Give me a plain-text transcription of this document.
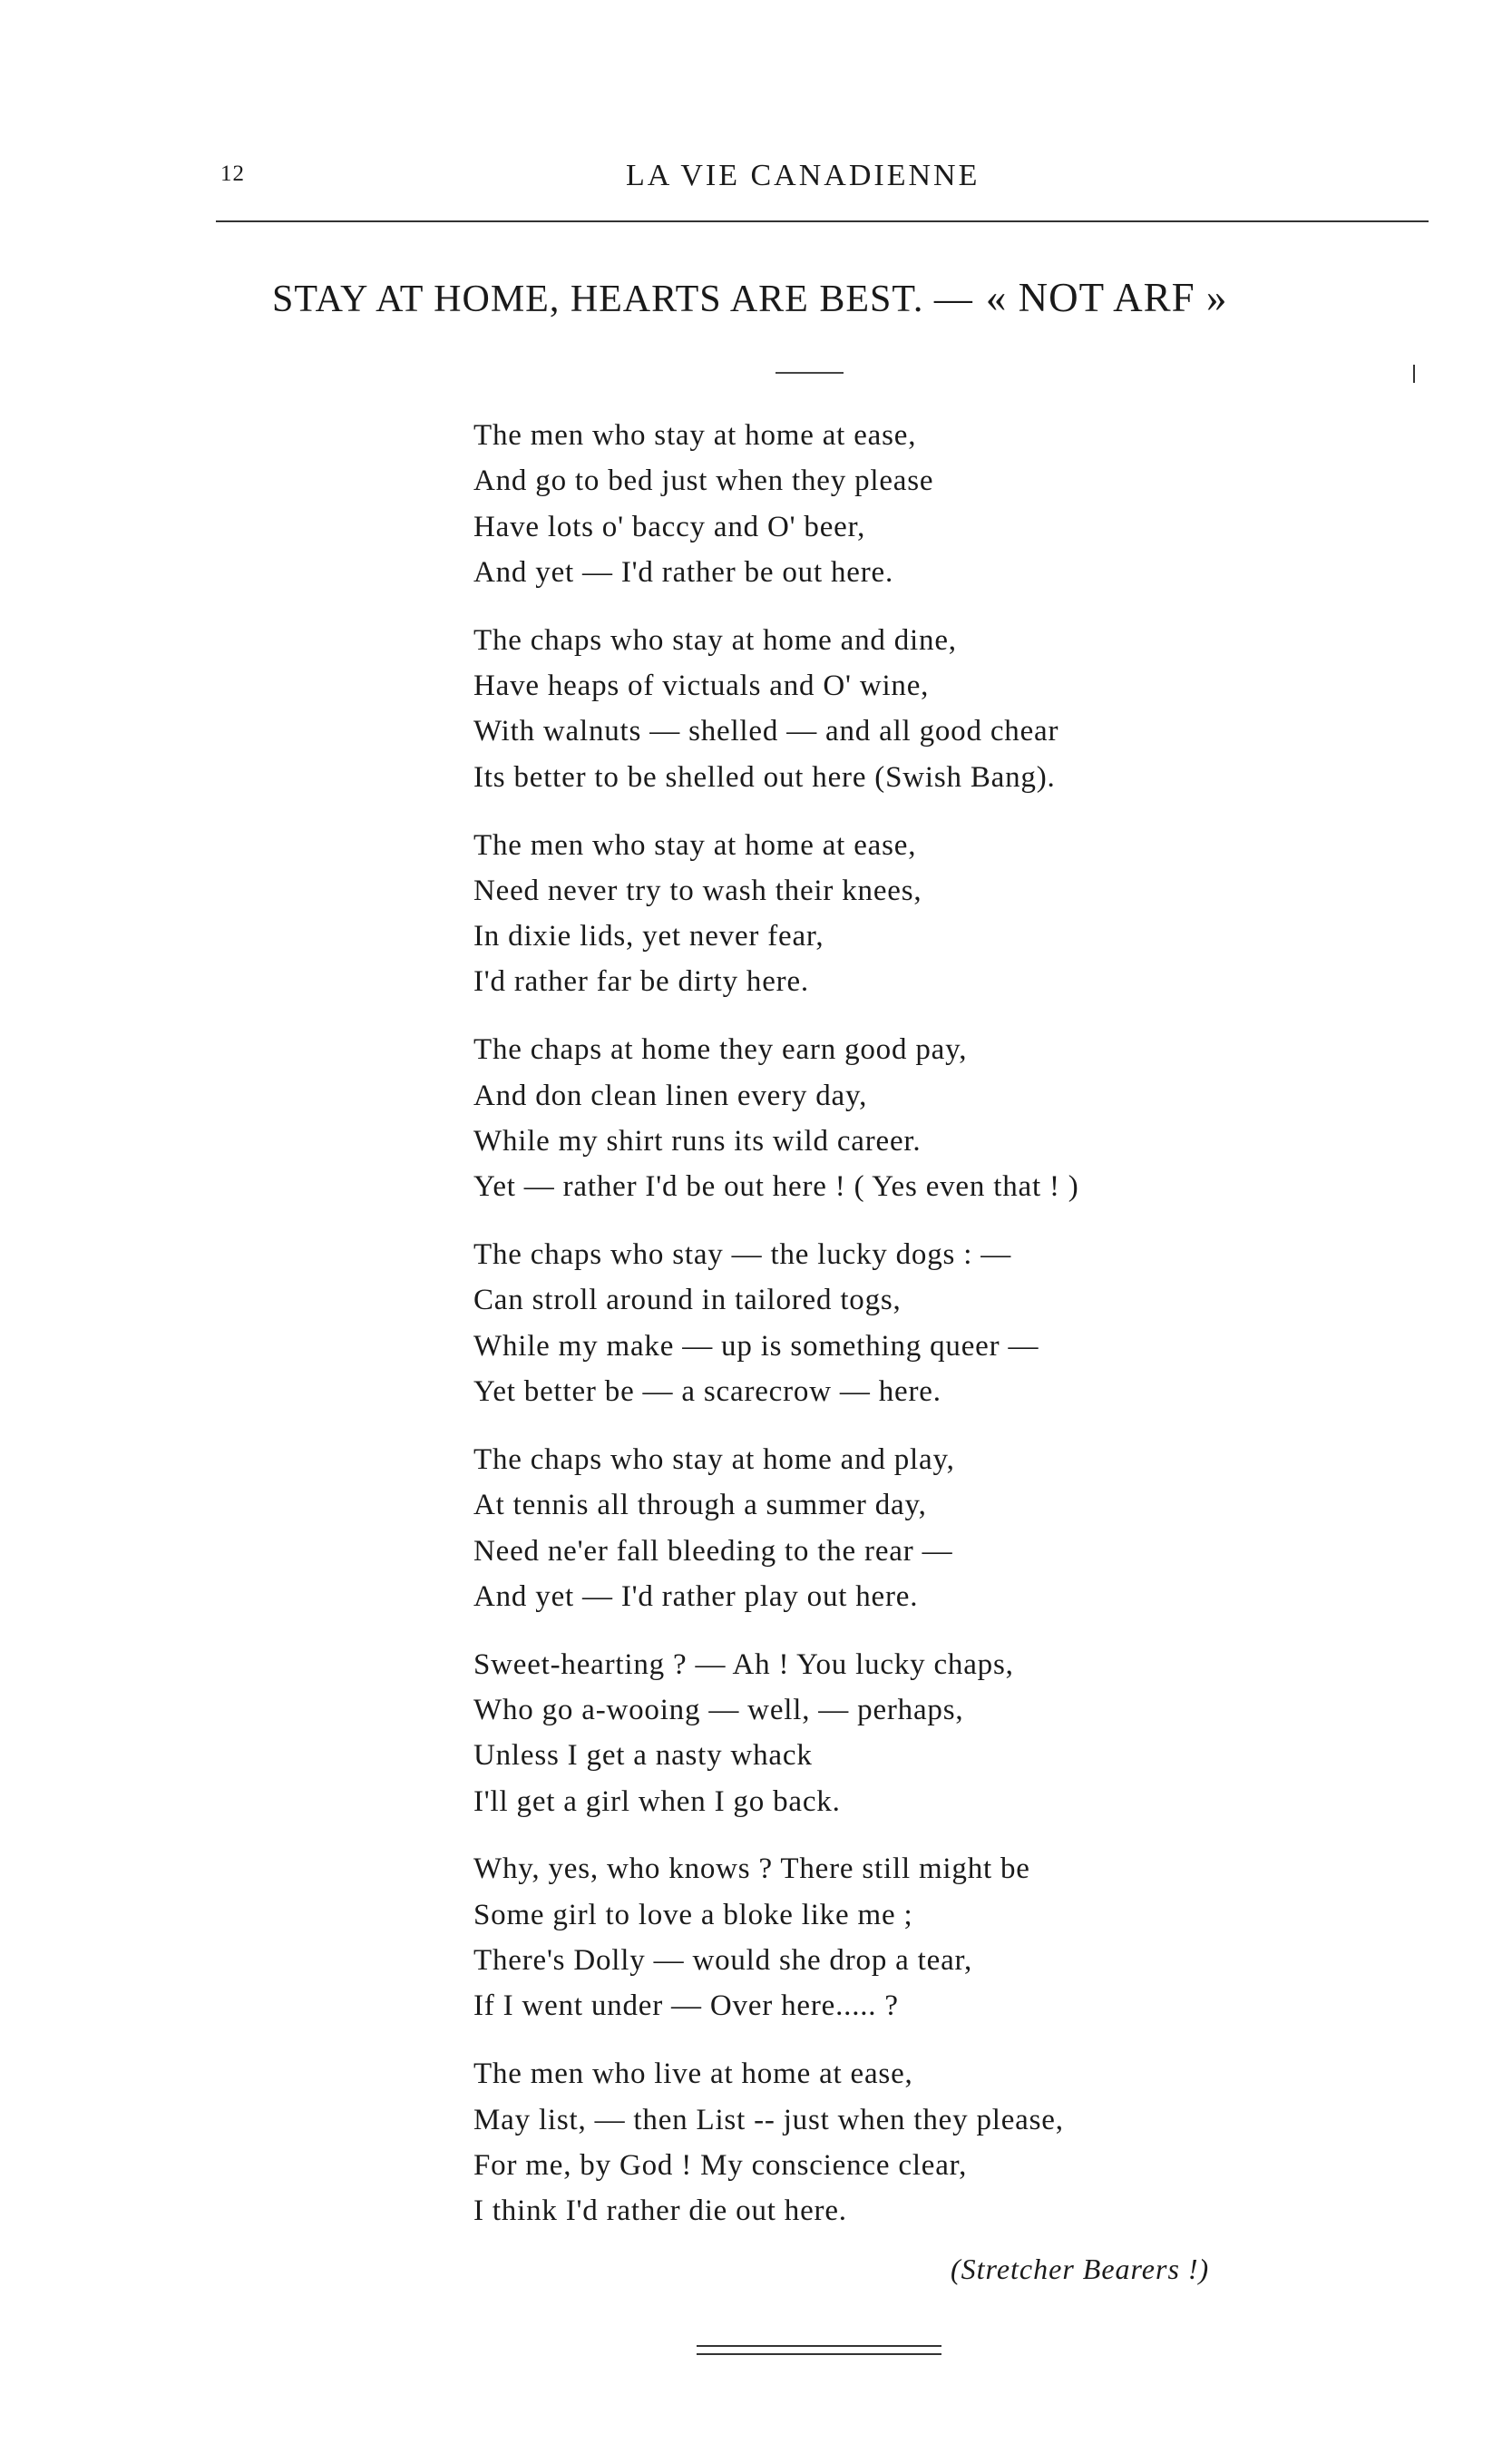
12	LA VIE CANADIENNE
STAY AT HOME, HEARTS ARE BEST. — « NOT ARF »
The men who stay at home at ease,
And go to bed just when they please
Have lots o' baccy and O' beer,
And yet — I'd rather be out here.
The chaps who stay at home and dine,
Have heaps of victuals and O' wine,
With walnuts — shelled — and all good chear
Its better to be shelled out here (Swish Bang).
The men who stay at home at ease,
Need never try to wash their knees,
In dixie lids, yet never fear,
I'd rather far be dirty here.
The chaps at home they earn good pay,
And don clean linen every day,
While my shirt runs its wild career.
Yet — rather I'd be out here ! ( Yes even that ! )
The chaps who stay — the lucky dogs : —
Can stroll around in tailored togs,
While my make — up is something queer —
Yet better be — a scarecrow — here.
The chaps who stay at home and play,
At tennis all through a summer day,
Need ne'er fall bleeding to the rear —
And yet — I'd rather play out here.
Sweet-hearting ? — Ah ! You lucky chaps,
Who go a-wooing — well, — perhaps,
Unless I get a nasty whack
I'll get a girl when I go back.
Why, yes, who knows ? There still might be
Some girl to love a bloke like me ;
There's Dolly — would she drop a tear,
If I went under — Over here..... ?
The men who live at home at ease,
May list, — then List -- just when they please,
For me, by God ! My conscience clear,
I think I'd rather die out here.
(Stretcher Bearers !)
